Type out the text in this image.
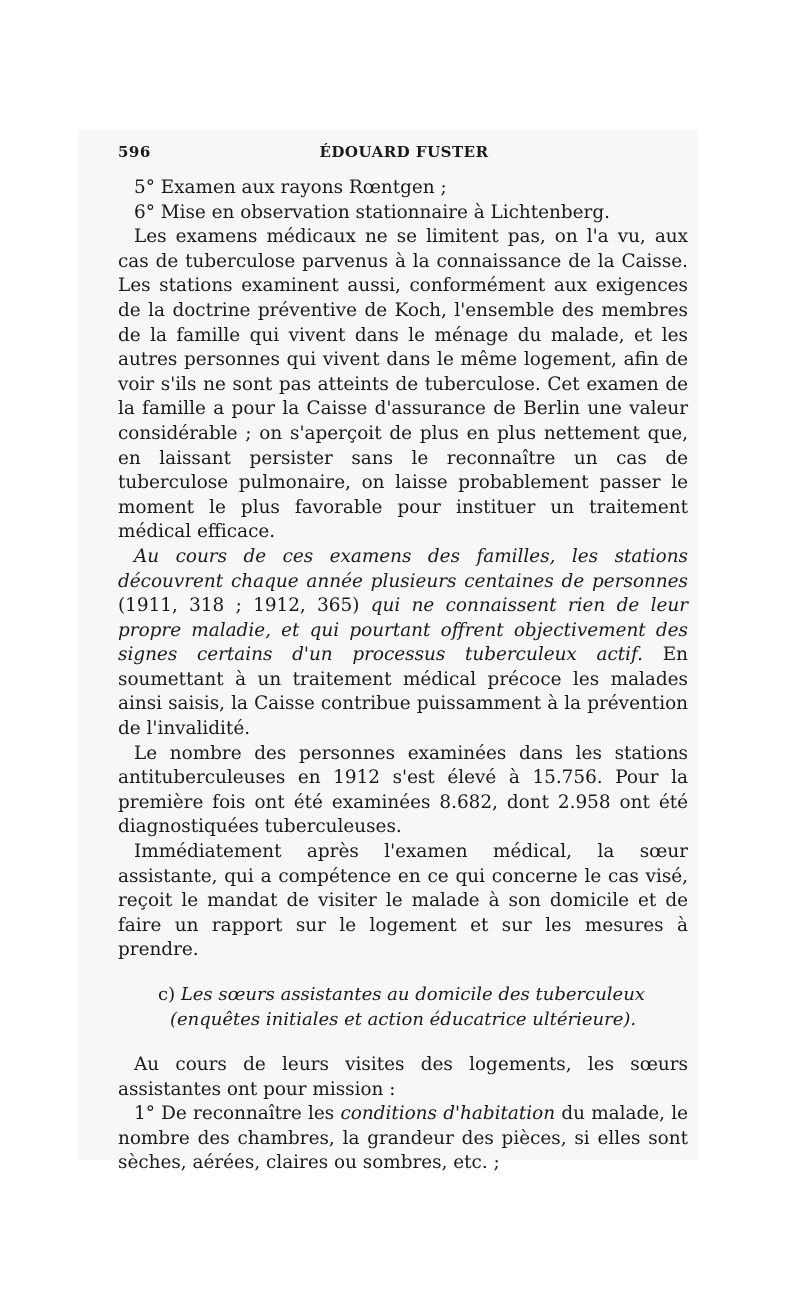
596	ÉDOUARD FUSTER

5° Examen aux rayons Rœntgen ;

6° Mise en observation stationnaire à Lichtenberg.

Les examens médicaux ne se limitent pas, on l'a vu, aux cas de tuberculose parvenus à la connaissance de la Caisse. Les stations examinent aussi, conformément aux exigences de la doctrine préventive de Koch, l'ensemble des membres de la famille qui vivent dans le ménage du malade, et les autres personnes qui vivent dans le même logement, afin de voir s'ils ne sont pas atteints de tuberculose. Cet examen de la famille a pour la Caisse d'assurance de Berlin une valeur considérable ; on s'aperçoit de plus en plus nettement que, en laissant persister sans le reconnaître un cas de tuberculose pulmonaire, on laisse probablement passer le moment le plus favorable pour instituer un traitement médical efficace.

Au cours de ces examens des familles, les stations découvrent chaque année plusieurs centaines de personnes (1911, 318 ; 1912, 365) qui ne connaissent rien de leur propre maladie, et qui pourtant offrent objectivement des signes certains d'un processus tuberculeux actif. En soumettant à un traitement médical précoce les malades ainsi saisis, la Caisse contribue puissamment à la prévention de l'invalidité.

Le nombre des personnes examinées dans les stations antituberculeuses en 1912 s'est élevé à 15.756. Pour la première fois ont été examinées 8.682, dont 2.958 ont été diagnostiquées tuberculeuses.

Immédiatement après l'examen médical, la sœur assistante, qui a compétence en ce qui concerne le cas visé, reçoit le mandat de visiter le malade à son domicile et de faire un rapport sur le logement et sur les mesures à prendre.

c) Les sœurs assistantes au domicile des tuberculeux
(enquêtes initiales et action éducatrice ultérieure).

Au cours de leurs visites des logements, les sœurs assistantes ont pour mission :

1° De reconnaître les conditions d'habitation du malade, le nombre des chambres, la grandeur des pièces, si elles sont sèches, aérées, claires ou sombres, etc. ;
